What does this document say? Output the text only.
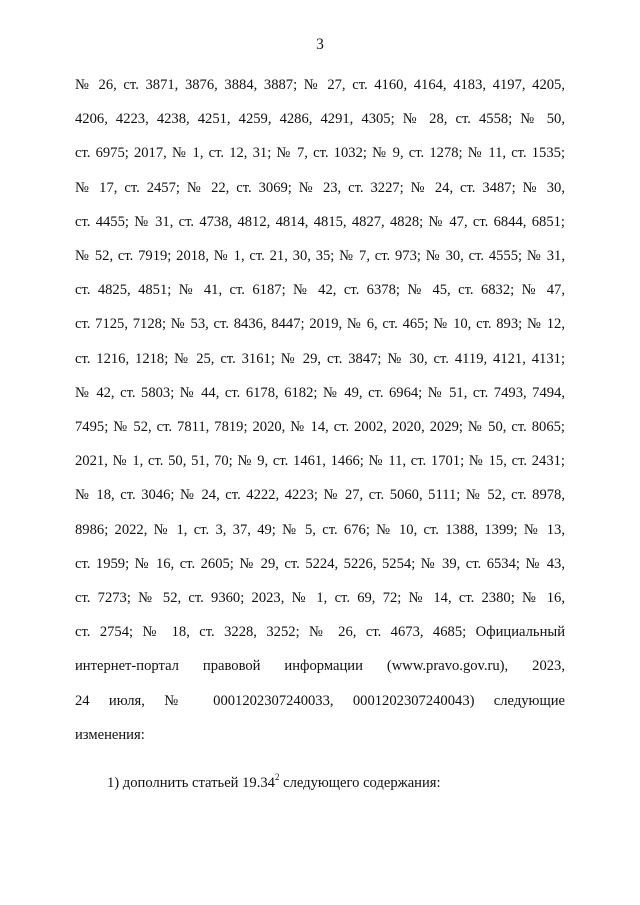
3
№ 26, ст. 3871, 3876, 3884, 3887; № 27, ст. 4160, 4164, 4183, 4197, 4205,
4206, 4223, 4238, 4251, 4259, 4286, 4291, 4305; № 28, ст. 4558; № 50,
ст. 6975; 2017, № 1, ст. 12, 31; № 7, ст. 1032; № 9, ст. 1278; № 11, ст. 1535;
№ 17, ст. 2457; № 22, ст. 3069; № 23, ст. 3227; № 24, ст. 3487; № 30,
ст. 4455; № 31, ст. 4738, 4812, 4814, 4815, 4827, 4828; № 47, ст. 6844, 6851;
№ 52, ст. 7919; 2018, № 1, ст. 21, 30, 35; № 7, ст. 973; № 30, ст. 4555; № 31,
ст. 4825, 4851; № 41, ст. 6187; № 42, ст. 6378; № 45, ст. 6832; № 47,
ст. 7125, 7128; № 53, ст. 8436, 8447; 2019, № 6, ст. 465; № 10, ст. 893; № 12,
ст. 1216, 1218; № 25, ст. 3161; № 29, ст. 3847; № 30, ст. 4119, 4121, 4131;
№ 42, ст. 5803; № 44, ст. 6178, 6182; № 49, ст. 6964; № 51, ст. 7493, 7494,
7495; № 52, ст. 7811, 7819; 2020, № 14, ст. 2002, 2020, 2029; № 50, ст. 8065;
2021, № 1, ст. 50, 51, 70; № 9, ст. 1461, 1466; № 11, ст. 1701; № 15, ст. 2431;
№ 18, ст. 3046; № 24, ст. 4222, 4223; № 27, ст. 5060, 5111; № 52, ст. 8978,
8986; 2022, № 1, ст. 3, 37, 49; № 5, ст. 676; № 10, ст. 1388, 1399; № 13,
ст. 1959; № 16, ст. 2605; № 29, ст. 5224, 5226, 5254; № 39, ст. 6534; № 43,
ст. 7273; № 52, ст. 9360; 2023, № 1, ст. 69, 72; № 14, ст. 2380; № 16,
ст. 2754; № 18, ст. 3228, 3252; № 26, ст. 4673, 4685; Официальный
интернет-портал правовой информации (www.pravo.gov.ru), 2023,
24 июля, № 0001202307240033, 0001202307240043) следующие
изменения:
1) дополнить статьей 19.34$^2$ следующего содержания:
